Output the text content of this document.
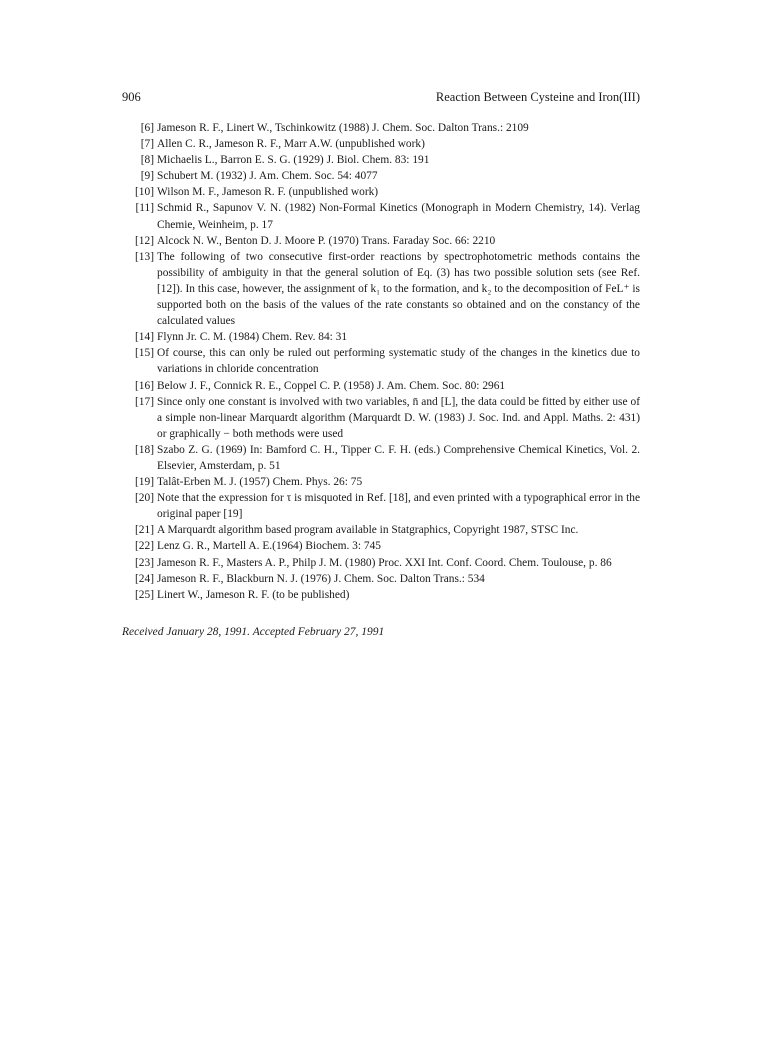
906	Reaction Between Cysteine and Iron(III)
[6] Jameson R. F., Linert W., Tschinkowitz (1988) J. Chem. Soc. Dalton Trans.: 2109
[7] Allen C. R., Jameson R. F., Marr A.W. (unpublished work)
[8] Michaelis L., Barron E. S. G. (1929) J. Biol. Chem. 83: 191
[9] Schubert M. (1932) J. Am. Chem. Soc. 54: 4077
[10] Wilson M. F., Jameson R. F. (unpublished work)
[11] Schmid R., Sapunov V. N. (1982) Non-Formal Kinetics (Monograph in Modern Chemistry, 14). Verlag Chemie, Weinheim, p. 17
[12] Alcock N. W., Benton D. J. Moore P. (1970) Trans. Faraday Soc. 66: 2210
[13] The following of two consecutive first-order reactions by spectrophotometric methods contains the possibility of ambiguity in that the general solution of Eq. (3) has two possible solution sets (see Ref. [12]). In this case, however, the assignment of k₁ to the formation, and k₂ to the decomposition of FeL⁺ is supported both on the basis of the values of the rate constants so obtained and on the constancy of the calculated values
[14] Flynn Jr. C. M. (1984) Chem. Rev. 84: 31
[15] Of course, this can only be ruled out performing systematic study of the changes in the kinetics due to variations in chloride concentration
[16] Below J. F., Connick R. E., Coppel C. P. (1958) J. Am. Chem. Soc. 80: 2961
[17] Since only one constant is involved with two variables, n̄ and [L], the data could be fitted by either use of a simple non-linear Marquardt algorithm (Marquardt D. W. (1983) J. Soc. Ind. and Appl. Maths. 2: 431) or graphically − both methods were used
[18] Szabo Z. G. (1969) In: Bamford C. H., Tipper C. F. H. (eds.) Comprehensive Chemical Kinetics, Vol. 2. Elsevier, Amsterdam, p. 51
[19] Talât-Erben M. J. (1957) Chem. Phys. 26: 75
[20] Note that the expression for τ is misquoted in Ref. [18], and even printed with a typographical error in the original paper [19]
[21] A Marquardt algorithm based program available in Statgraphics, Copyright 1987, STSC Inc.
[22] Lenz G. R., Martell A. E.(1964) Biochem. 3: 745
[23] Jameson R. F., Masters A. P., Philp J. M. (1980) Proc. XXI Int. Conf. Coord. Chem. Toulouse, p. 86
[24] Jameson R. F., Blackburn N. J. (1976) J. Chem. Soc. Dalton Trans.: 534
[25] Linert W., Jameson R. F. (to be published)
Received January 28, 1991. Accepted February 27, 1991
